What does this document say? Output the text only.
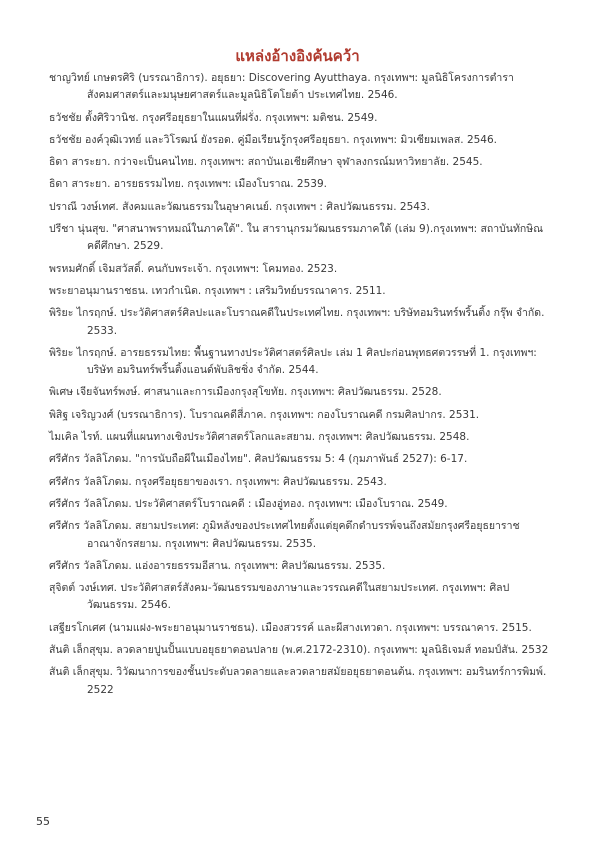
แหล่งอ้างอิงค้นคว้า
ชาญวิทย์ เกษตรศิริ (บรรณาธิการ). อยุธยา: Discovering Ayutthaya. กรุงเทพฯ: มูลนิธิโครงการตำราสังคมศาสตร์และมนุษยศาสตร์และมูลนิธิโตโยต้า ประเทศไทย. 2546.
ธวัชชัย ตั้งศิริวานิช. กรุงศรีอยุธยาในแผนที่ฝรั่ง. กรุงเทพฯ: มติชน. 2549.
ธวัชชัย องค์วุฒิเวทย์ และวิโรฒน์ ยังรอด. คู่มือเรียนรู้กรุงศรีอยุธยา. กรุงเทพฯ: มิวเซียมเพลส. 2546.
ธิดา สาระยา. กว่าจะเป็นคนไทย. กรุงเทพฯ: สถาบันเอเชียศึกษา จุฬาลงกรณ์มหาวิทยาลัย. 2545.
ธิดา สาระยา. อารยธรรมไทย. กรุงเทพฯ: เมืองโบราณ. 2539.
ปราณี วงษ์เทศ. สังคมและวัฒนธรรมในอุษาคเนย์. กรุงเทพฯ : ศิลปวัฒนธรรม. 2543.
ปรีชา นุ่นสุข. "ศาสนาพราหมณ์ในภาคใต้". ใน สารานุกรมวัฒนธรรมภาคใต้ (เล่ม 9).กรุงเทพฯ: สถาบันทักษิณคดีศึกษา. 2529.
พรหมศักดิ์ เจิมสวัสดิ์. คนกับพระเจ้า. กรุงเทพฯ: โคมทอง. 2523.
พระยาอนุมานราชธน. เทวกำเนิด. กรุงเทพฯ : เสริมวิทย์บรรณาคาร. 2511.
พิริยะ ไกรฤกษ์. ประวัติศาสตร์ศิลปะและโบราณคดีในประเทศไทย. กรุงเทพฯ: บริษัทอมรินทร์พริ้นติ้ง กรุ๊พ จำกัด. 2533.
พิริยะ ไกรฤกษ์. อารยธรรมไทย: พื้นฐานทางประวัติศาสตร์ศิลปะ เล่ม 1 ศิลปะก่อนพุทธศตวรรษที่ 1. กรุงเทพฯ: บริษัท อมรินทร์พริ้นติ้งแอนด์พับลิชชิ่ง จำกัด. 2544.
พิเศษ เจียจันทร์พงษ์. ศาสนาและการเมืองกรุงสุโขทัย. กรุงเทพฯ: ศิลปวัฒนธรรม. 2528.
พิสิฐ เจริญวงศ์ (บรรณาธิการ). โบราณคดีสี่ภาค. กรุงเทพฯ: กองโบราณคดี กรมศิลปากร. 2531.
ไมเคิล ไรท์. แผนที่แผนทางเชิงประวัติศาสตร์โลกและสยาม. กรุงเทพฯ: ศิลปวัฒนธรรม. 2548.
ศรีศักร วัลลิโภดม. "การนับถือผีในเมืองไทย". ศิลปวัฒนธรรม 5: 4 (กุมภาพันธ์ 2527): 6-17.
ศรีศักร วัลลิโภดม. กรุงศรีอยุธยาของเรา. กรุงเทพฯ: ศิลปวัฒนธรรม. 2543.
ศรีศักร วัลลิโภดม. ประวัติศาสตร์โบราณคดี : เมืองอู่ทอง. กรุงเทพฯ: เมืองโบราณ. 2549.
ศรีศักร วัลลิโภดม. สยามประเทศ: ภูมิหลังของประเทศไทยตั้งแต่ยุคดึกดำบรรพ์จนถึงสมัยกรุงศรีอยุธยาราชอาณาจักรสยาม. กรุงเทพฯ: ศิลปวัฒนธรรม. 2535.
ศรีศักร วัลลิโภดม. แอ่งอารยธรรมอีสาน. กรุงเทพฯ: ศิลปวัฒนธรรม. 2535.
สุจิตต์ วงษ์เทศ. ประวัติศาสตร์สังคม-วัฒนธรรมของภาษาและวรรณคดีในสยามประเทศ. กรุงเทพฯ: ศิลปวัฒนธรรม. 2546.
เสฐียรโกเศศ (นามแฝง-พระยาอนุมานราชธน). เมืองสวรรค์ และผีสางเทวดา. กรุงเทพฯ: บรรณาคาร. 2515.
สันติ เล็กสุขุม. ลวดลายปูนปั้นแบบอยุธยาตอนปลาย (พ.ศ.2172-2310). กรุงเทพฯ: มูลนิธิเจมส์ ทอมป์สัน. 2532
สันติ เล็กสุขุม. วิวัฒนาการของชั้นประดับลวดลายและลวดลายสมัยอยุธยาตอนต้น. กรุงเทพฯ: อมรินทร์การพิมพ์. 2522
55
